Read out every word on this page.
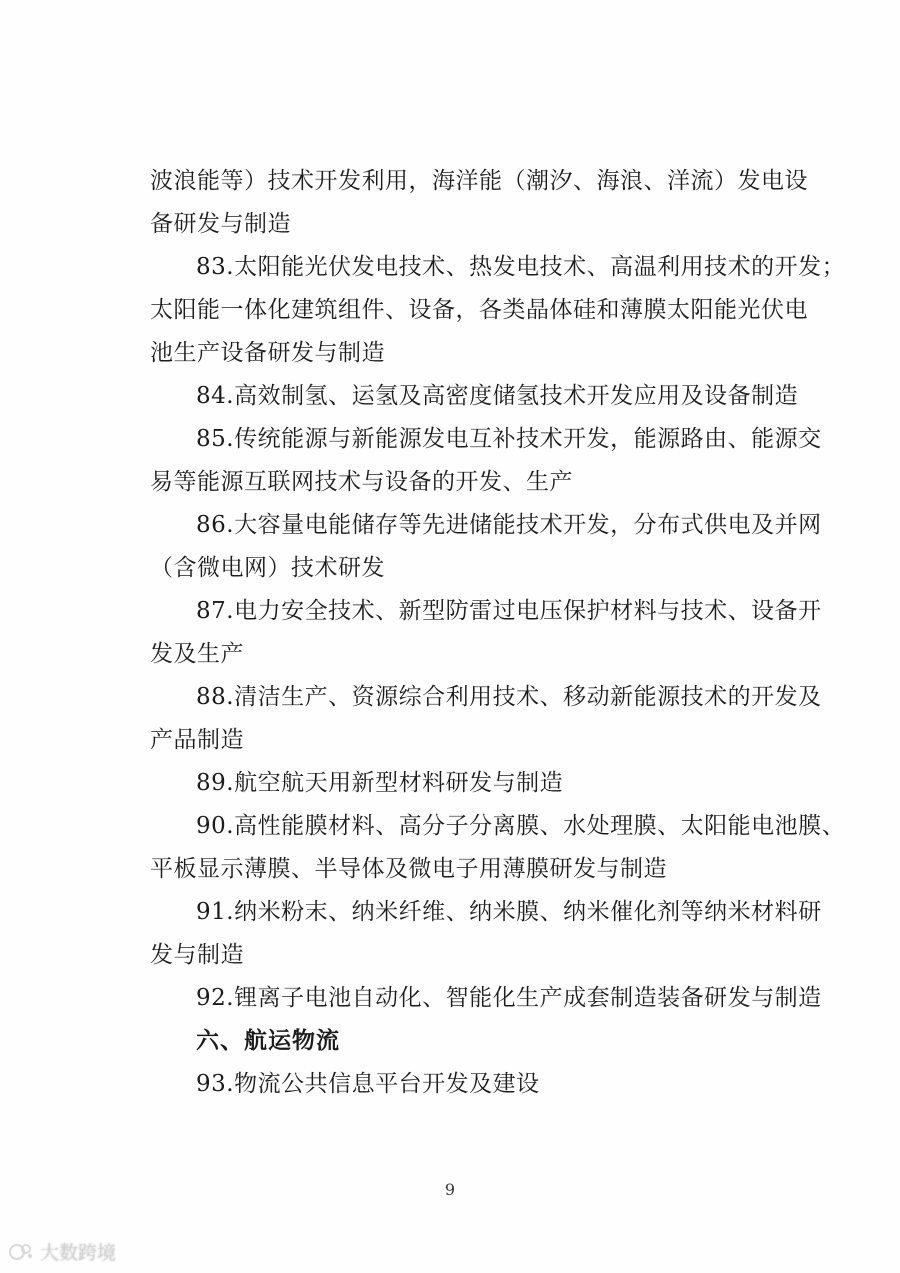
波浪能等）技术开发利用，海洋能（潮汐、海浪、洋流）发电设
备研发与制造
83.太阳能光伏发电技术、热发电技术、高温利用技术的开发；
太阳能一体化建筑组件、设备，各类晶体硅和薄膜太阳能光伏电
池生产设备研发与制造
84.高效制氢、运氢及高密度储氢技术开发应用及设备制造
85.传统能源与新能源发电互补技术开发，能源路由、能源交
易等能源互联网技术与设备的开发、生产
86.大容量电能储存等先进储能技术开发，分布式供电及并网
（含微电网）技术研发
87.电力安全技术、新型防雷过电压保护材料与技术、设备开
发及生产
88.清洁生产、资源综合利用技术、移动新能源技术的开发及
产品制造
89.航空航天用新型材料研发与制造
90.高性能膜材料、高分子分离膜、水处理膜、太阳能电池膜、
平板显示薄膜、半导体及微电子用薄膜研发与制造
91.纳米粉末、纳米纤维、纳米膜、纳米催化剂等纳米材料研
发与制造
92.锂离子电池自动化、智能化生产成套制造装备研发与制造
六、航运物流
93.物流公共信息平台开发及建设
9
大数跨境
